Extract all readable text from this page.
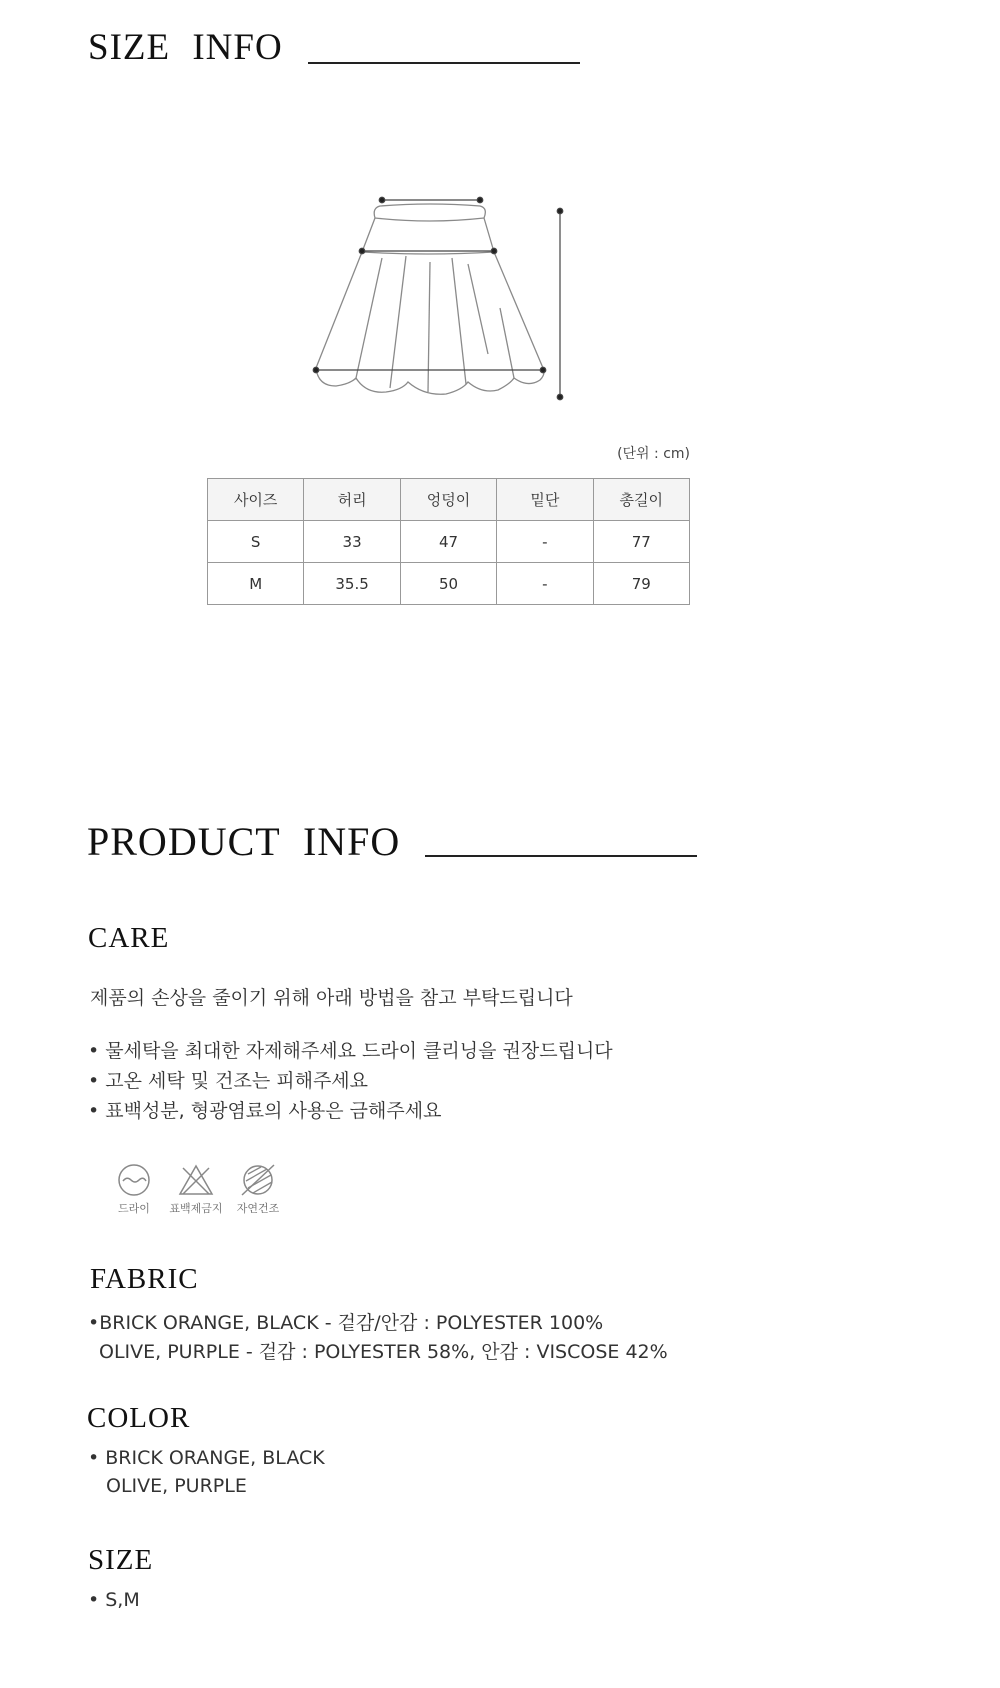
SIZE INFO
(단위 : cm)
사이즈	허리	엉덩이	밑단	총길이
S	33	47	-	77
M	35.5	50	-	79
PRODUCT INFO
CARE

제품의 손상을 줄이기 위해 아래 방법을 참고 부탁드립니다

• 물세탁을 최대한 자제해주세요 드라이 클리닝을 권장드립니다
• 고온 세탁 및 건조는 피해주세요
• 표백성분, 형광염료의 사용은 금해주세요
드라이	표백제금지	자연건조
FABRIC

•BRICK ORANGE, BLACK - 겉감/안감 : POLYESTER 100%

OLIVE, PURPLE - 겉감 : POLYESTER 58%, 안감 : VISCOSE 42%

COLOR

• BRICK ORANGE, BLACK

OLIVE, PURPLE

SIZE

• S,M
